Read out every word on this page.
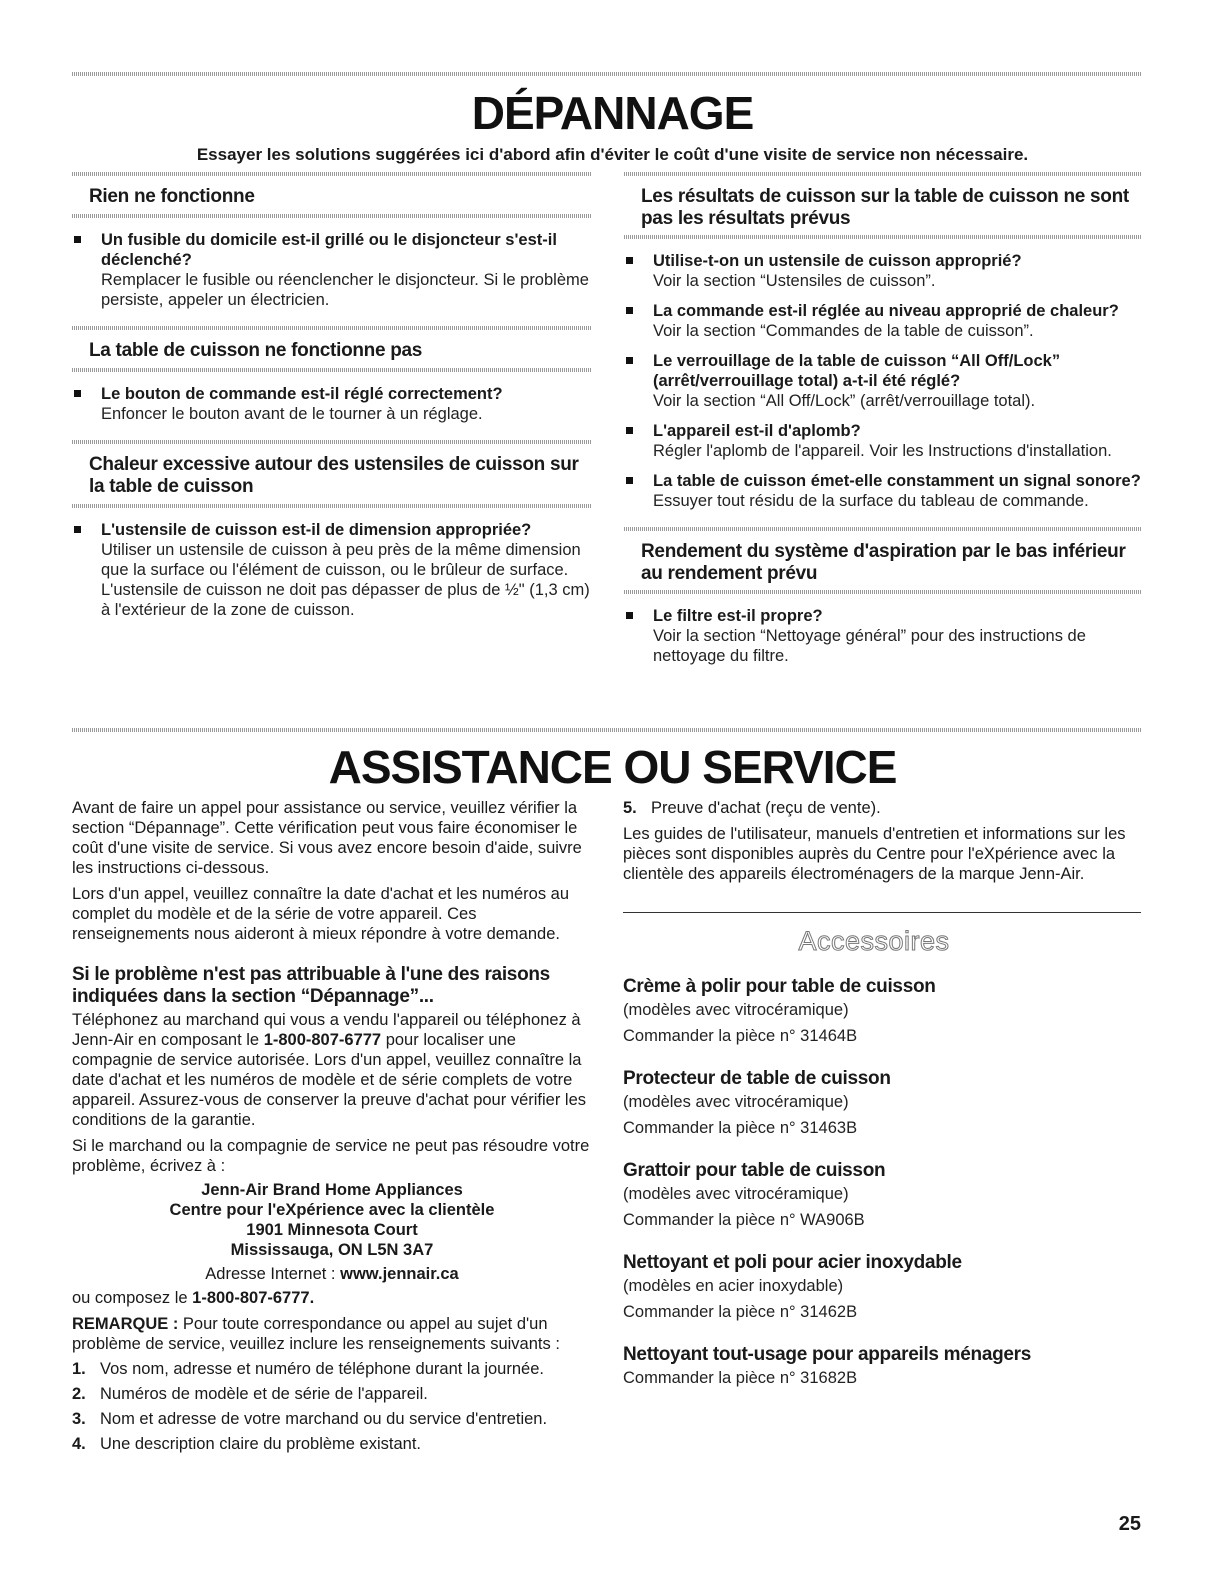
DÉPANNAGE
Essayer les solutions suggérées ici d'abord afin d'éviter le coût d'une visite de service non nécessaire.
Rien ne fonctionne
Un fusible du domicile est-il grillé ou le disjoncteur s'est-il déclenché?
Remplacer le fusible ou réenclencher le disjoncteur. Si le problème persiste, appeler un électricien.
La table de cuisson ne fonctionne pas
Le bouton de commande est-il réglé correctement?
Enfoncer le bouton avant de le tourner à un réglage.
Chaleur excessive autour des ustensiles de cuisson sur la table de cuisson
L'ustensile de cuisson est-il de dimension appropriée?
Utiliser un ustensile de cuisson à peu près de la même dimension que la surface ou l'élément de cuisson, ou le brûleur de surface. L'ustensile de cuisson ne doit pas dépasser de plus de ½" (1,3 cm) à l'extérieur de la zone de cuisson.
Les résultats de cuisson sur la table de cuisson ne sont pas les résultats prévus
Utilise-t-on un ustensile de cuisson approprié?
Voir la section “Ustensiles de cuisson”.
La commande est-il réglée au niveau approprié de chaleur?
Voir la section “Commandes de la table de cuisson”.
Le verrouillage de la table de cuisson “All Off/Lock” (arrêt/verrouillage total) a-t-il été réglé?
Voir la section “All Off/Lock” (arrêt/verrouillage total).
L'appareil est-il d'aplomb?
Régler l'aplomb de l'appareil. Voir les Instructions d'installation.
La table de cuisson émet-elle constamment un signal sonore?
Essuyer tout résidu de la surface du tableau de commande.
Rendement du système d'aspiration par le bas inférieur au rendement prévu
Le filtre est-il propre?
Voir la section “Nettoyage général” pour des instructions de nettoyage du filtre.
ASSISTANCE OU SERVICE

Avant de faire un appel pour assistance ou service, veuillez vérifier la section “Dépannage”. Cette vérification peut vous faire économiser le coût d'une visite de service. Si vous avez encore besoin d'aide, suivre les instructions ci-dessous.

Lors d'un appel, veuillez connaître la date d'achat et les numéros au complet du modèle et de la série de votre appareil. Ces renseignements nous aideront à mieux répondre à votre demande.

Si le problème n'est pas attribuable à l'une des raisons indiquées dans la section “Dépannage”...

Téléphonez au marchand qui vous a vendu l'appareil ou téléphonez à Jenn-Air en composant le 1-800-807-6777 pour localiser une compagnie de service autorisée. Lors d'un appel, veuillez connaître la date d'achat et les numéros de modèle et de série complets de votre appareil. Assurez-vous de conserver la preuve d'achat pour vérifier les conditions de la garantie.

Si le marchand ou la compagnie de service ne peut pas résoudre votre problème, écrivez à :

Jenn-Air Brand Home Appliances
Centre pour l'eXpérience avec la clientèle
1901 Minnesota Court
Mississauga, ON L5N 3A7
Adresse Internet : www.jennair.ca

ou composez le 1-800-807-6777.

REMARQUE : Pour toute correspondance ou appel au sujet d'un problème de service, veuillez inclure les renseignements suivants :

1. Vos nom, adresse et numéro de téléphone durant la journée.
2. Numéros de modèle et de série de l'appareil.
3. Nom et adresse de votre marchand ou du service d'entretien.
4. Une description claire du problème existant.
5. Preuve d'achat (reçu de vente).

Les guides de l'utilisateur, manuels d'entretien et informations sur les pièces sont disponibles auprès du Centre pour l'eXpérience avec la clientèle des appareils électroménagers de la marque Jenn-Air.

Accessoires
Crème à polir pour table de cuisson
(modèles avec vitrocéramique)
Commander la pièce n° 31464B
Protecteur de table de cuisson
(modèles avec vitrocéramique)
Commander la pièce n° 31463B
Grattoir pour table de cuisson
(modèles avec vitrocéramique)
Commander la pièce n° WA906B
Nettoyant et poli pour acier inoxydable
(modèles en acier inoxydable)
Commander la pièce n° 31462B
Nettoyant tout-usage pour appareils ménagers
Commander la pièce n° 31682B
25
